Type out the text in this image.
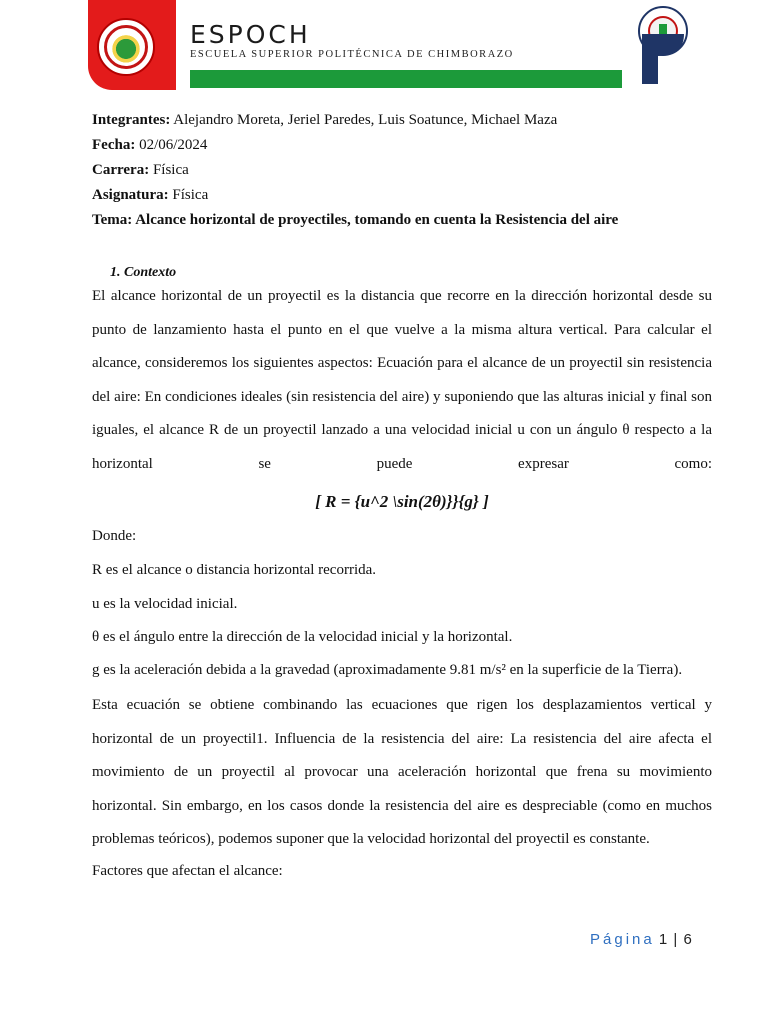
ESPOCH
ESCUELA SUPERIOR POLITÉCNICA DE CHIMBORAZO
Integrantes: Alejandro Moreta, Jeriel Paredes, Luis Soatunce, Michael Maza
Fecha: 02/06/2024
Carrera: Física
Asignatura: Física
Tema: Alcance horizontal de proyectiles, tomando en cuenta la Resistencia del aire
1. Contexto
El alcance horizontal de un proyectil es la distancia que recorre en la dirección horizontal desde su punto de lanzamiento hasta el punto en el que vuelve a la misma altura vertical. Para calcular el alcance, consideremos los siguientes aspectos: Ecuación para el alcance de un proyectil sin resistencia del aire: En condiciones ideales (sin resistencia del aire) y suponiendo que las alturas inicial y final son iguales, el alcance R de un proyectil lanzado a una velocidad inicial u con un ángulo θ respecto a la horizontal se puede expresar como:
[ R = {u^2 \sin(2θ)}}{g} ]
Donde:
R es el alcance o distancia horizontal recorrida.
u es la velocidad inicial.
θ es el ángulo entre la dirección de la velocidad inicial y la horizontal.
g es la aceleración debida a la gravedad (aproximadamente 9.81 m/s² en la superficie de la Tierra).
Esta ecuación se obtiene combinando las ecuaciones que rigen los desplazamientos vertical y horizontal de un proyectil1. Influencia de la resistencia del aire: La resistencia del aire afecta el movimiento de un proyectil al provocar una aceleración horizontal que frena su movimiento horizontal. Sin embargo, en los casos donde la resistencia del aire es despreciable (como en muchos problemas teóricos), podemos suponer que la velocidad horizontal del proyectil es constante.
Factores que afectan el alcance:
Página 1 | 6
